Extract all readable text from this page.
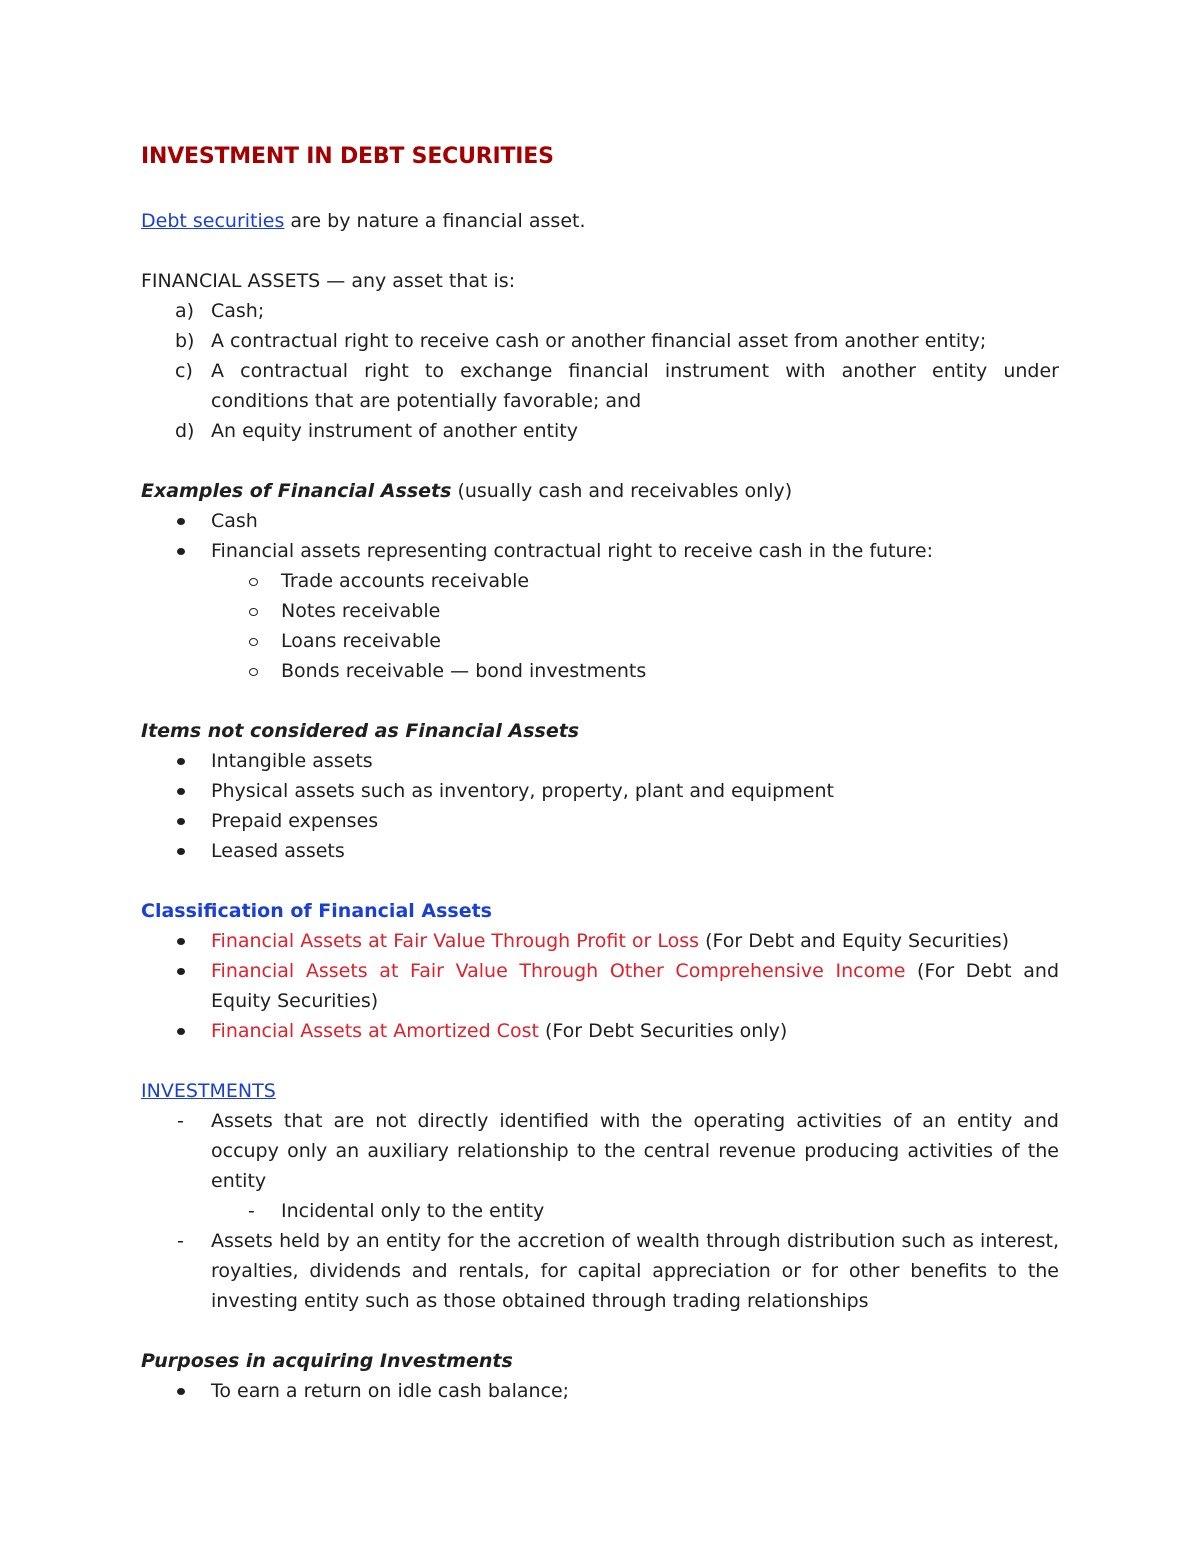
INVESTMENT IN DEBT SECURITIES

Debt securities are by nature a financial asset.

FINANCIAL ASSETS — any asset that is:

a) Cash;
b) A contractual right to receive cash or another financial asset from another entity;
c) A contractual right to exchange financial instrument with another entity under conditions that are potentially favorable; and
d) An equity instrument of another entity

Examples of Financial Assets (usually cash and receivables only)

Cash
Financial assets representing contractual right to receive cash in the future:
Trade accounts receivable
Notes receivable
Loans receivable
Bonds receivable — bond investments

Items not considered as Financial Assets

Intangible assets
Physical assets such as inventory, property, plant and equipment
Prepaid expenses
Leased assets

Classification of Financial Assets

Financial Assets at Fair Value Through Profit or Loss (For Debt and Equity Securities)
Financial Assets at Fair Value Through Other Comprehensive Income (For Debt and Equity Securities)
Financial Assets at Amortized Cost (For Debt Securities only)

INVESTMENTS

- Assets that are not directly identified with the operating activities of an entity and occupy only an auxiliary relationship to the central revenue producing activities of the entity
- Incidental only to the entity
- Assets held by an entity for the accretion of wealth through distribution such as interest, royalties, dividends and rentals, for capital appreciation or for other benefits to the investing entity such as those obtained through trading relationships

Purposes in acquiring Investments

To earn a return on idle cash balance;
